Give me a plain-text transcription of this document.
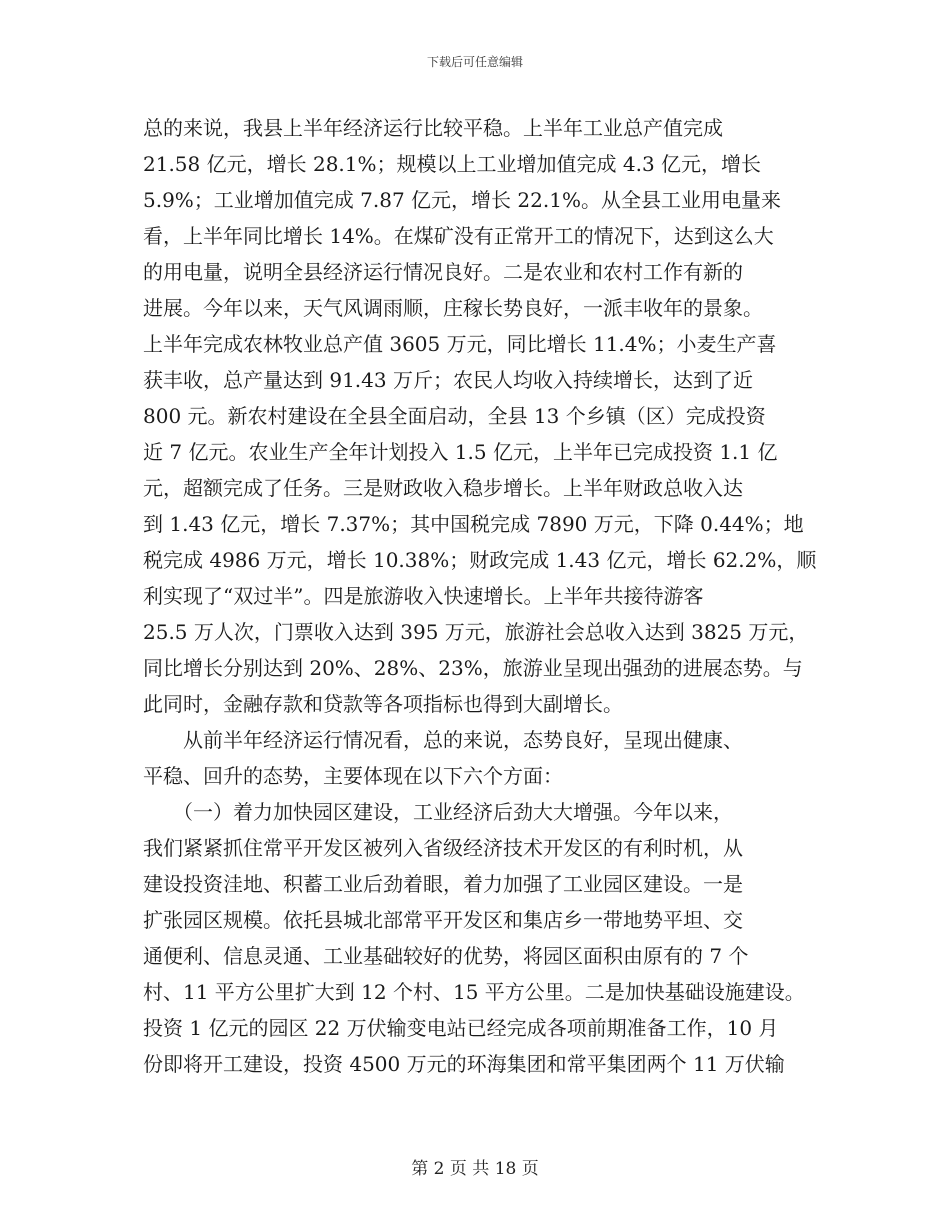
下载后可任意编辑
总的来说，我县上半年经济运行比较平稳。上半年工业总产值完成
21.58 亿元，增长 28.1%；规模以上工业增加值完成 4.3 亿元，增长
5.9%；工业增加值完成 7.87 亿元，增长 22.1%。从全县工业用电量来
看，上半年同比增长 14%。在煤矿没有正常开工的情况下，达到这么大
的用电量，说明全县经济运行情况良好。二是农业和农村工作有新的
进展。今年以来，天气风调雨顺，庄稼长势良好，一派丰收年的景象。
上半年完成农林牧业总产值 3605 万元，同比增长 11.4%；小麦生产喜
获丰收，总产量达到 91.43 万斤；农民人均收入持续增长，达到了近
800 元。新农村建设在全县全面启动，全县 13 个乡镇（区）完成投资
近 7 亿元。农业生产全年计划投入 1.5 亿元，上半年已完成投资 1.1 亿
元，超额完成了任务。三是财政收入稳步增长。上半年财政总收入达
到 1.43 亿元，增长 7.37%；其中国税完成 7890 万元，下降 0.44%；地
税完成 4986 万元，增长 10.38%；财政完成 1.43 亿元，增长 62.2%，顺
利实现了“双过半”。四是旅游收入快速增长。上半年共接待游客
25.5 万人次，门票收入达到 395 万元，旅游社会总收入达到 3825 万元，
同比增长分别达到 20%、28%、23%，旅游业呈现出强劲的进展态势。与
此同时，金融存款和贷款等各项指标也得到大副增长。
　　从前半年经济运行情况看，总的来说，态势良好，呈现出健康、
平稳、回升的态势，主要体现在以下六个方面：
　　（一）着力加快园区建设，工业经济后劲大大增强。今年以来，
我们紧紧抓住常平开发区被列入省级经济技术开发区的有利时机，从
建设投资洼地、积蓄工业后劲着眼，着力加强了工业园区建设。一是
扩张园区规模。依托县城北部常平开发区和集店乡一带地势平坦、交
通便利、信息灵通、工业基础较好的优势，将园区面积由原有的 7 个
村、11 平方公里扩大到 12 个村、15 平方公里。二是加快基础设施建设。
投资 1 亿元的园区 22 万伏输变电站已经完成各项前期准备工作，10 月
份即将开工建设，投资 4500 万元的环海集团和常平集团两个 11 万伏输
第 2 页 共 18 页
